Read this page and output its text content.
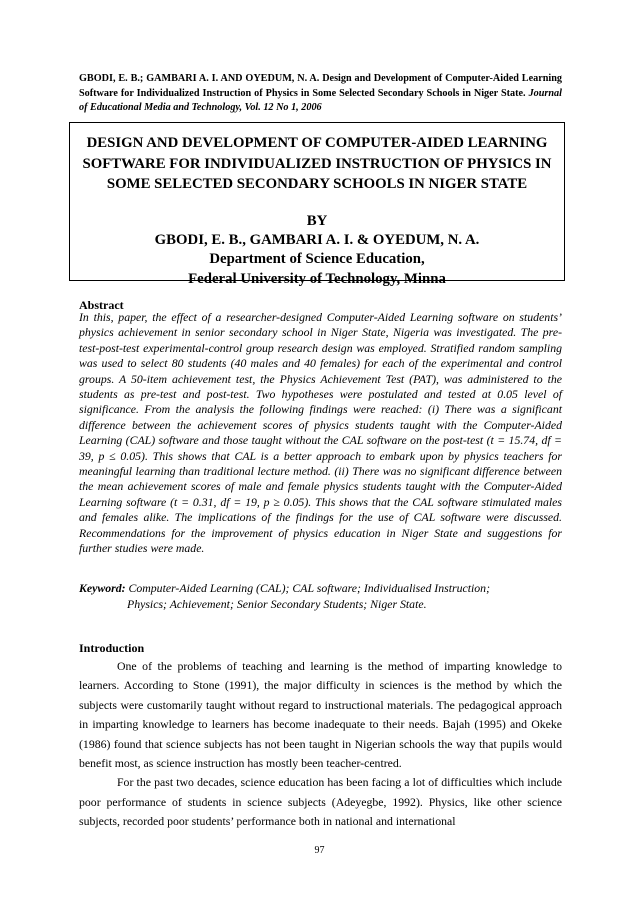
GBODI, E. B.; GAMBARI A. I. AND OYEDUM, N. A. Design and Development of Computer-Aided Learning Software for Individualized Instruction of Physics in Some Selected Secondary Schools in Niger State. Journal of Educational Media and Technology, Vol. 12 No 1, 2006
DESIGN AND DEVELOPMENT OF COMPUTER-AIDED LEARNING SOFTWARE FOR INDIVIDUALIZED INSTRUCTION OF PHYSICS IN SOME SELECTED SECONDARY SCHOOLS IN NIGER STATE
BY
GBODI, E. B., GAMBARI A. I. & OYEDUM, N. A.
Department of Science Education,
Federal University of Technology, Minna
Abstract
In this, paper, the effect of a researcher-designed Computer-Aided Learning software on students’ physics achievement in senior secondary school in Niger State, Nigeria was investigated. The pre-test-post-test experimental-control group research design was employed. Stratified random sampling was used to select 80 students (40 males and 40 females) for each of the experimental and control groups. A 50-item achievement test, the Physics Achievement Test (PAT), was administered to the students as pre-test and post-test. Two hypotheses were postulated and tested at 0.05 level of significance. From the analysis the following findings were reached: (i) There was a significant difference between the achievement scores of physics students taught with the Computer-Aided Learning (CAL) software and those taught without the CAL software on the post-test (t = 15.74, df = 39, p ≤ 0.05). This shows that CAL is a better approach to embark upon by physics teachers for meaningful learning than traditional lecture method. (ii) There was no significant difference between the mean achievement scores of male and female physics students taught with the Computer-Aided Learning software (t = 0.31, df = 19, p ≥ 0.05). This shows that the CAL software stimulated males and females alike. The implications of the findings for the use of CAL software were discussed. Recommendations for the improvement of physics education in Niger State and suggestions for further studies were made.
Keyword: Computer-Aided Learning (CAL); CAL software; Individualised Instruction;
Physics; Achievement; Senior Secondary Students; Niger State.
Introduction

One of the problems of teaching and learning is the method of imparting knowledge to learners. According to Stone (1991), the major difficulty in sciences is the method by which the subjects were customarily taught without regard to instructional materials. The pedagogical approach in imparting knowledge to learners has become inadequate to their needs. Bajah (1995) and Okeke (1986) found that science subjects has not been taught in Nigerian schools the way that pupils would benefit most, as science instruction has mostly been teacher-centred.

For the past two decades, science education has been facing a lot of difficulties which include poor performance of students in science subjects (Adeyegbe, 1992). Physics, like other science subjects, recorded poor students’ performance both in national and international

97
